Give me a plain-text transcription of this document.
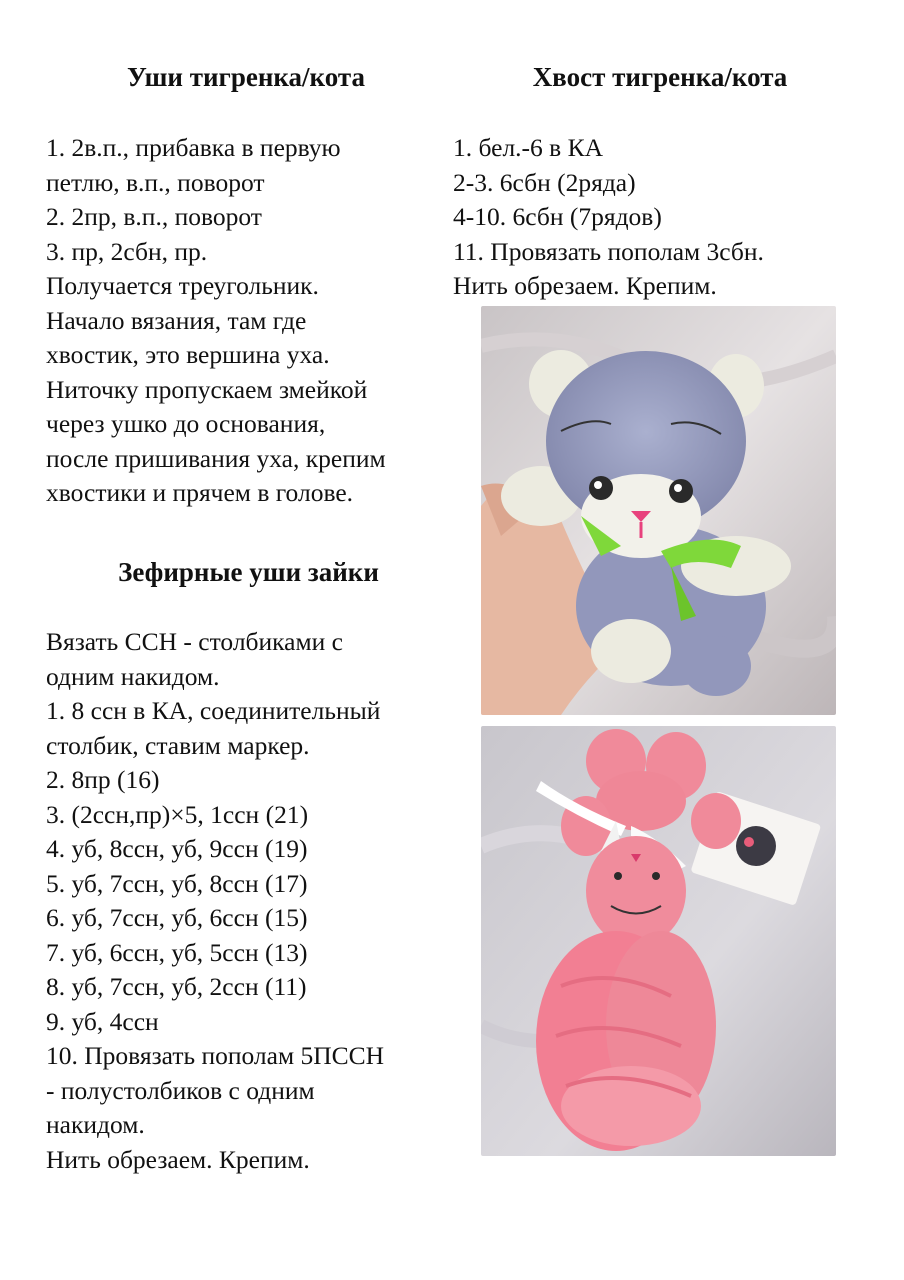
Уши тигренка/кота
1. 2в.п., прибавка в первую
петлю, в.п., поворот
2. 2пр, в.п., поворот
3. пр, 2сбн, пр.
Получается треугольник.
Начало вязания, там где
хвостик, это вершина уха.
Ниточку пропускаем змейкой
через ушко до основания,
после пришивания уха, крепим
хвостики и прячем в голове.
Зефирные уши зайки
Вязать ССН - столбиками с
одним накидом.
1. 8 ссн в КА, соединительный
столбик, ставим маркер.
2. 8пр (16)
3. (2ссн,пр)×5, 1ссн (21)
4. уб, 8ссн, уб, 9ссн (19)
5. уб, 7ссн, уб, 8ссн (17)
6. уб, 7ссн, уб, 6ссн (15)
7. уб, 6ссн, уб, 5ссн (13)
8. уб, 7ссн, уб, 2ссн (11)
9. уб, 4ссн
10. Провязать пополам 5ПССН
- полустолбиков с одним
накидом.
Нить обрезаем. Крепим.
Хвост тигренка/кота
1. бел.-6 в КА
2-3. 6сбн (2ряда)
4-10. 6сбн (7рядов)
11. Провязать пополам 3сбн.
Нить обрезаем. Крепим.
